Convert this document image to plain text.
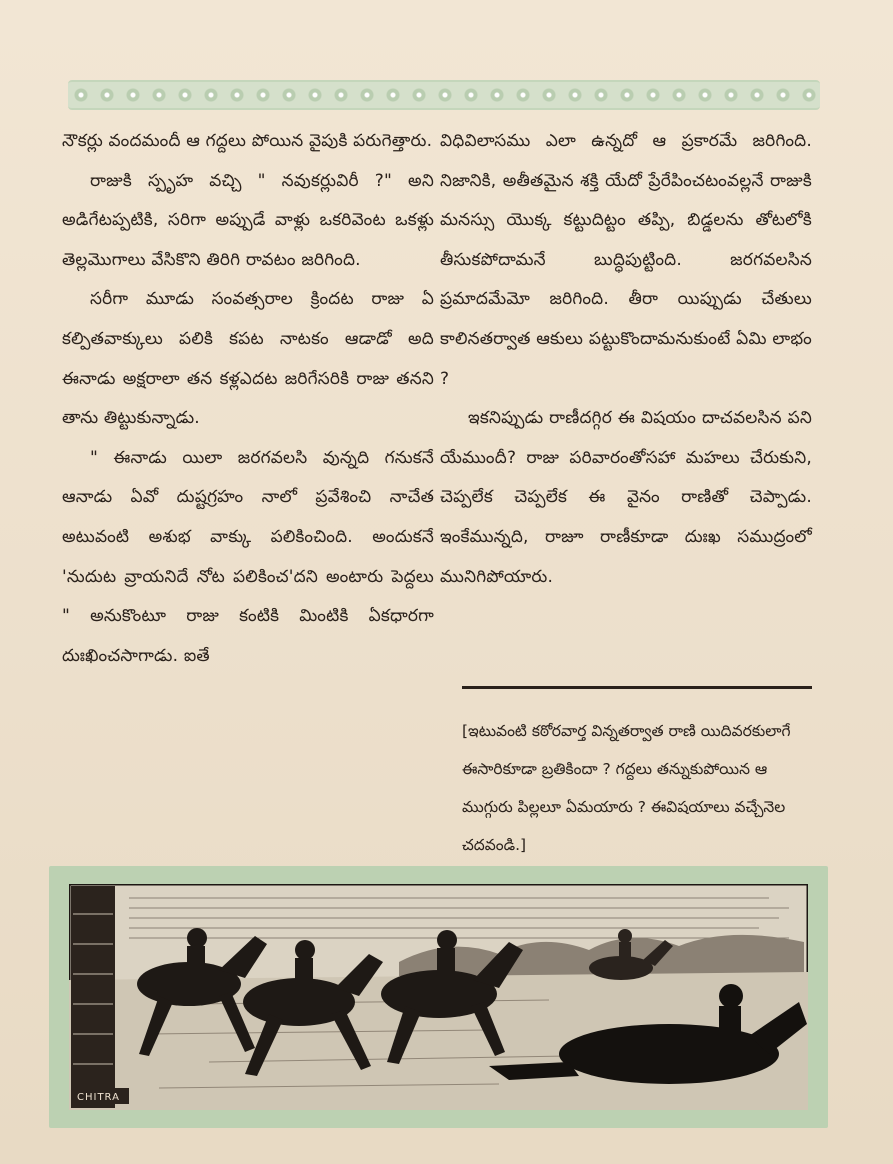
నౌకర్లు వందమందీ ఆ గద్దలు పోయిన వైపుకి పరుగెత్తారు.

రాజుకి స్పృహ వచ్చి " నవుకర్లువిరీ ?" అని అడిగేటప్పటికి, సరిగా అప్పుడే వాళ్లు ఒకరివెంట ఒకళ్లు తెల్లమొగాలు వేసికొని తిరిగి రావటం జరిగింది.

సరీగా మూడు సంవత్సరాల క్రిందట రాజు ఏ కల్పితవాక్కులు పలికి కపట నాటకం ఆడాడో అది ఈనాడు అక్షరాలా తన కళ్లఎదట జరిగేసరికి రాజు తనని తాను తిట్టుకున్నాడు.

" ఈనాడు యిలా జరగవలసి వున్నది గనుకనే ఆనాడు ఏవో దుష్టగ్రహం నాలో ప్రవేశించి నాచేత అటువంటి అశుభ వాక్కు పలికించింది. అందుకనే 'నుదుట వ్రాయనిదే నోట పలికించ'దని అంటారు పెద్దలు " అనుకొంటూ రాజు కంటికి మింటికి ఏకధారగా దుఃఖించసాగాడు. ఐతే

విధివిలాసము ఎలా ఉన్నదో ఆ ప్రకారమే జరిగింది. నిజానికి, అతీతమైన శక్తి యేదో ప్రేరేపించటంవల్లనే రాజుకి మనస్సు యొక్క కట్టుదిట్టం తప్పి, బిడ్డలను తోటలోకి తీసుకపోదామనే బుద్ధిపుట్టింది. జరగవలసిన ప్రమాదమేమో జరిగింది. తీరా యిప్పుడు చేతులు కాలినతర్వాత ఆకులు పట్టుకొందామనుకుంటే ఏమి లాభం ?

ఇకనిప్పుడు రాణీదగ్గిర ఈ విషయం దాచవలసిన పని యేముందీ? రాజు పరివారంతోసహా మహలు చేరుకుని, చెప్పలేక చెప్పలేక ఈ వైనం రాణితో చెప్పాడు. ఇంకేమున్నది, రాజూ రాణీకూడా దుఃఖ సముద్రంలో మునిగిపోయారు.

[ఇటువంటి కఠోరవార్త విన్నతర్వాత రాణి యిదివరకులాగే ఈసారికూడా బ్రతికిందా ? గద్దలు తన్నుకుపోయిన ఆ ముగ్గురు పిల్లలూ ఏమయారు ? ఈవిషయాలు వచ్చేనెల చదవండి.]

CHITRA
